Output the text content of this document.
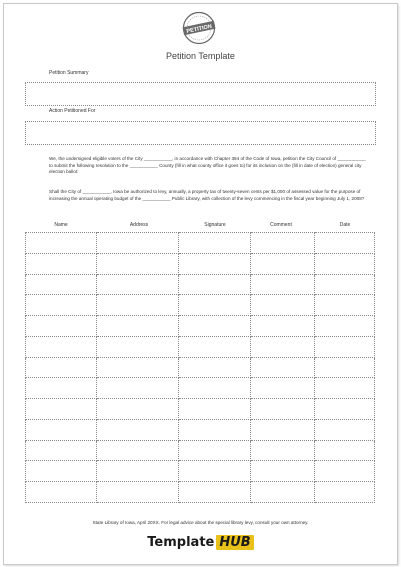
PETITION
Petition Template
Petition Summary
Action Petitioned For
We, the undersigned eligible voters of the City ___________, in accordance with Chapter 384 of the Code of Iowa, petition the City Council of ___________ to submit the following resolution to the ___________ County (fill in what county office it goes to) for its inclusion on the (fill in date of election) general city election ballot:
Shall the City of ___________, Iowa be authorized to levy, annually, a property tax of twenty-seven cents per $1,000 of assessed value for the purpose of increasing the annual operating budget of the ___________ Public Library, with collection of the levy commencing in the fiscal year beginning July 1, 2008?
Name	Address	Signature	Comment	Date

State Library of Iowa, April 20XX. For legal advice about the special library levy, consult your own attorney.
Template HUB
